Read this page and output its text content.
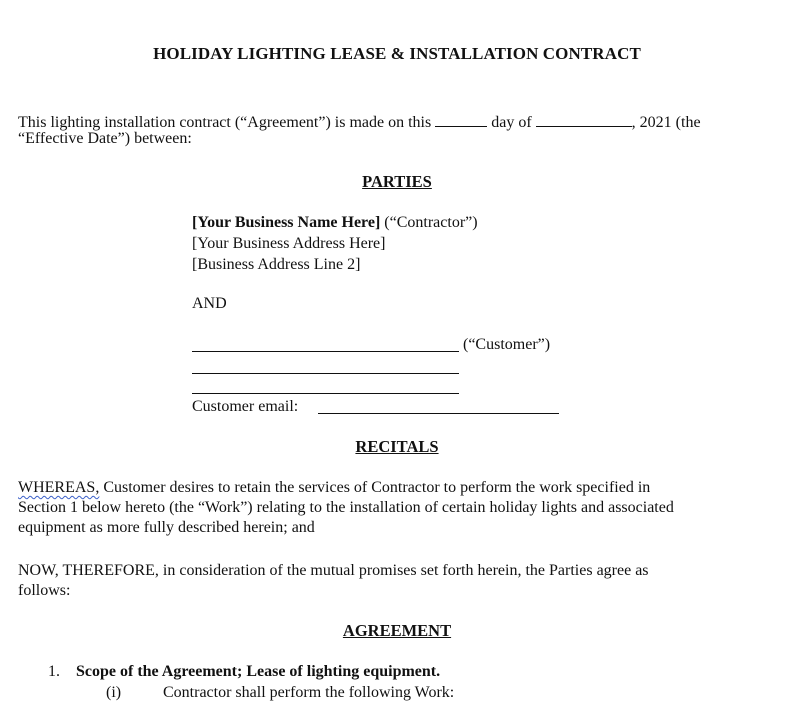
HOLIDAY LIGHTING LEASE & INSTALLATION CONTRACT
This lighting installation contract (“Agreement”) is made on this	day of	, 2021 (the
“Effective Date”) between:
PARTIES
[Your Business Name Here] (“Contractor”)
[Your Business Address Here]
[Business Address Line 2]
AND
(“Customer”)
Customer email:
RECITALS
WHEREAS, Customer desires to retain the services of Contractor to perform the work specified in
Section 1 below hereto (the “Work”) relating to the installation of certain holiday lights and associated
equipment as more fully described herein; and
NOW, THEREFORE, in consideration of the mutual promises set forth herein, the Parties agree as
follows:
AGREEMENT
1. Scope of the Agreement; Lease of lighting equipment.
(i)	Contractor shall perform the following Work:
